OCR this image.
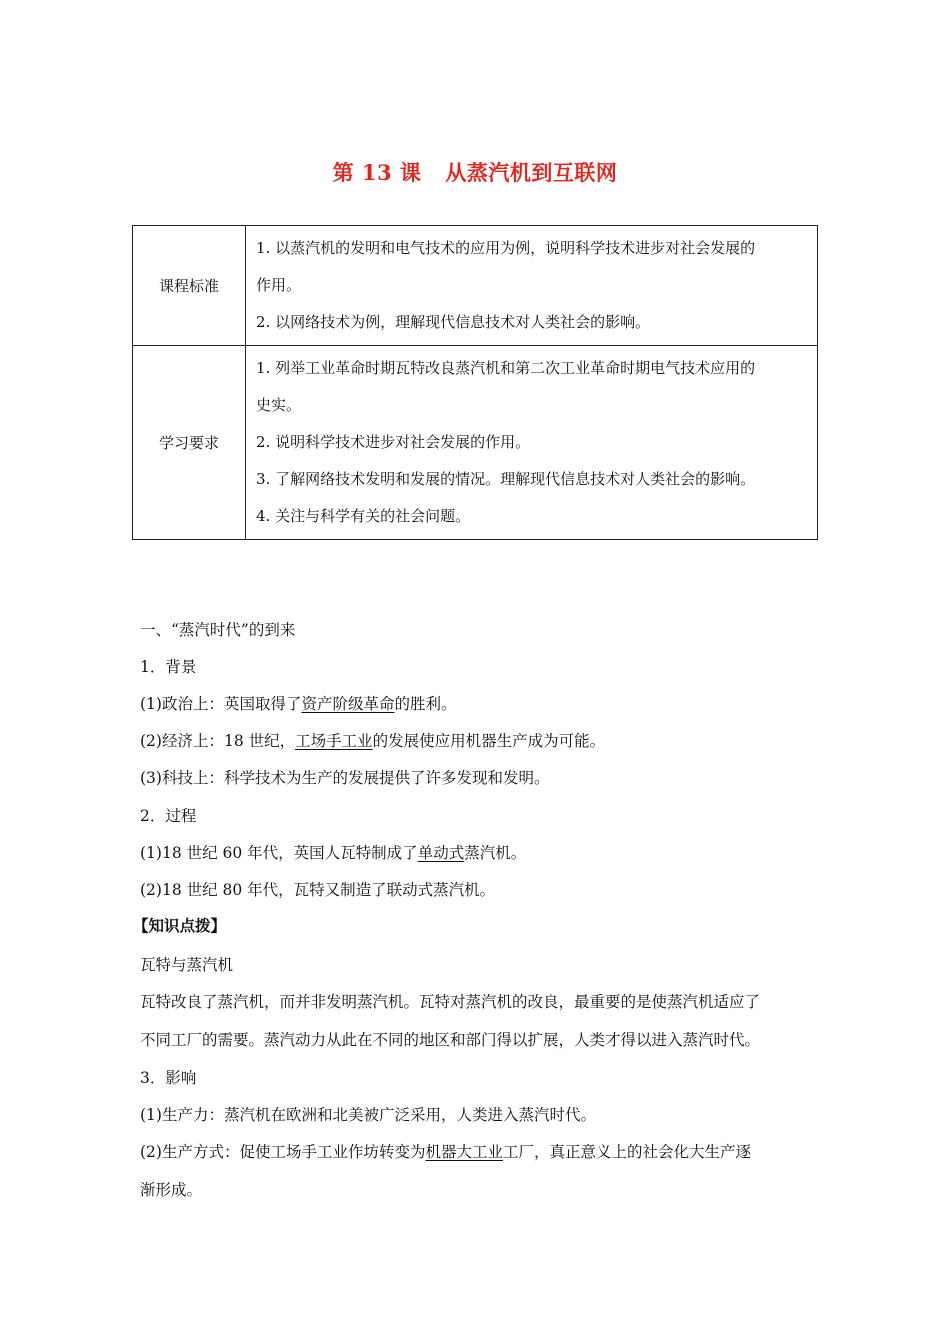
第 13 课 从蒸汽机到互联网
课程标准	1. 以蒸汽机的发明和电气技术的应用为例，说明科学技术进步对社会发展的
作用。
2. 以网络技术为例，理解现代信息技术对人类社会的影响。

学习要求	1. 列举工业革命时期瓦特改良蒸汽机和第二次工业革命时期电气技术应用的
史实。
2. 说明科学技术进步对社会发展的作用。
3. 了解网络技术发明和发展的情况。理解现代信息技术对人类社会的影响。
4. 关注与科学有关的社会问题。
一、“蒸汽时代”的到来
1．背景
(1)政治上：英国取得了资产阶级革命的胜利。
(2)经济上：18 世纪，工场手工业的发展使应用机器生产成为可能。
(3)科技上：科学技术为生产的发展提供了许多发现和发明。
2．过程
(1)18 世纪 60 年代，英国人瓦特制成了单动式蒸汽机。
(2)18 世纪 80 年代，瓦特又制造了联动式蒸汽机。
【知识点拨】
瓦特与蒸汽机
瓦特改良了蒸汽机，而并非发明蒸汽机。瓦特对蒸汽机的改良，最重要的是使蒸汽机适应了
不同工厂的需要。蒸汽动力从此在不同的地区和部门得以扩展，人类才得以进入蒸汽时代。
3．影响
(1)生产力：蒸汽机在欧洲和北美被广泛采用，人类进入蒸汽时代。
(2)生产方式：促使工场手工业作坊转变为机器大工业工厂，真正意义上的社会化大生产逐
渐形成。
